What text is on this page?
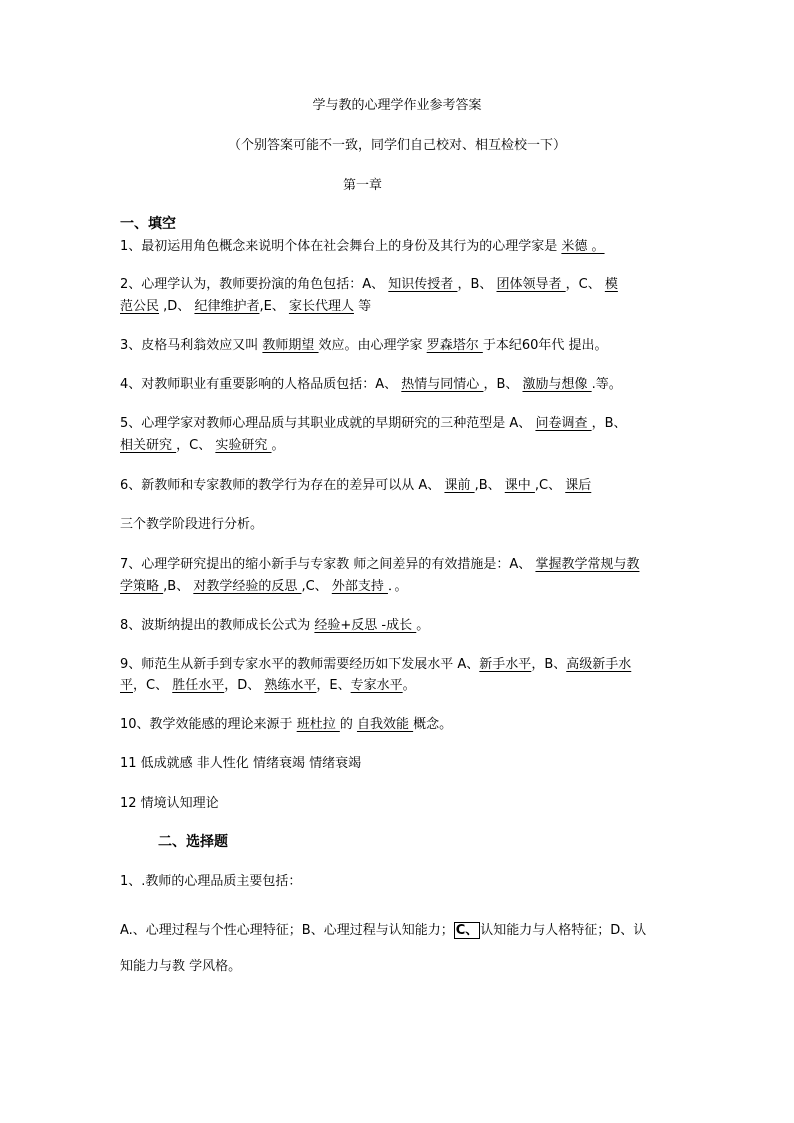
学与教的心理学作业参考答案
（个别答案可能不一致，同学们自己校对、相互检校一下）
第一章
一、填空
1、最初运用角色概念来说明个体在社会舞台上的身份及其行为的心理学家是 米德 。
2、心理学认为，教师要扮演的角色包括：A、 知识传授者 ，B、 团体领导者 ，C、 模
范公民 ,D、 纪律维护者,E、 家长代理人 等
3、皮格马利翁效应又叫 教师期望 效应。由心理学家 罗森塔尔 于本纪60年代 提出。
4、对教师职业有重要影响的人格品质包括：A、 热情与同情心 ，B、 激励与想像 .等。
5、心理学家对教师心理品质与其职业成就的早期研究的三种范型是 A、 问卷调查 ，B、
相关研究 ，C、 实验研究 。
6、新教师和专家教师的教学行为存在的差异可以从 A、 课前 ,B、 课中 ,C、 课后
三个教学阶段进行分析。
7、心理学研究提出的缩小新手与专家教 师之间差异的有效措施是：A、 掌握教学常规与教
学策略 ,B、 对教学经验的反思 ,C、 外部支持 ．。
8、波斯纳提出的教师成长公式为 经验+反思 -成长 。
9、师范生从新手到专家水平的教师需要经历如下发展水平 A、新手水平，B、高级新手水
平，C、 胜任水平，D、 熟练水平，E、专家水平。
10、教学效能感的理论来源于 班杜拉 的 自我效能 概念。
11 低成就感 非人性化 情绪衰竭 情绪衰竭
12 情境认知理论
二、选择题
1、.教师的心理品质主要包括：
A.、心理过程与个性心理特征；B、心理过程与认知能力； C、 认知能力与人格特征；D、认
知能力与教 学风格。
